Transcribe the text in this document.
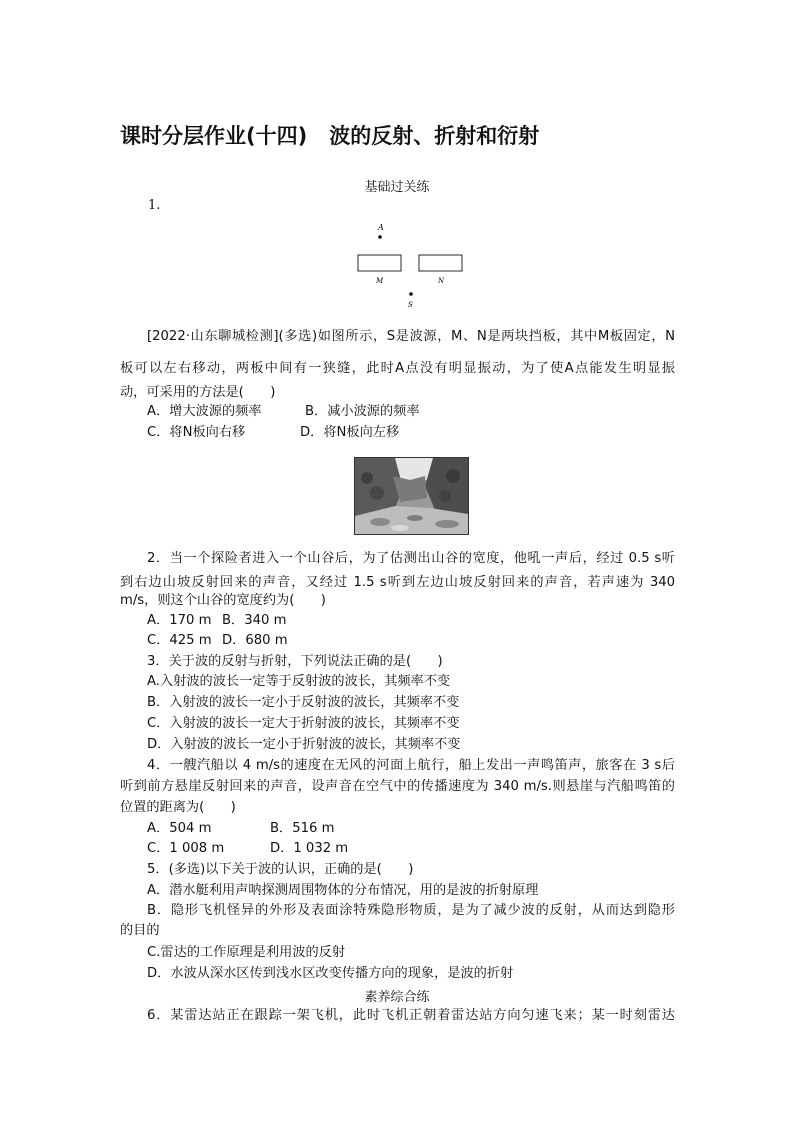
课时分层作业(十四) 波的反射、折射和衍射
基础过关练
1.
A
M	N
S
[2022·山东聊城检测](多选)如图所示，S是波源，M、N是两块挡板，其中M板固定，N
板可以左右移动，两板中间有一狭缝，此时A点没有明显振动，为了使A点能发生明显振
动，可采用的方法是(　　)
A．增大波源的频率	B．减小波源的频率
C．将N板向右移	D．将N板向左移
2．当一个探险者进入一个山谷后，为了估测出山谷的宽度，他吼一声后，经过 0.5 s听
到右边山坡反射回来的声音，又经过 1.5 s听到左边山坡反射回来的声音，若声速为 340
m/s，则这个山谷的宽度约为(　　)
A．170 m B．340 m
C．425 m D．680 m
3．关于波的反射与折射，下列说法正确的是(　　)
A.入射波的波长一定等于反射波的波长，其频率不变
B．入射波的波长一定小于反射波的波长，其频率不变
C．入射波的波长一定大于折射波的波长，其频率不变
D．入射波的波长一定小于折射波的波长，其频率不变
4．一艘汽船以 4 m/s的速度在无风的河面上航行，船上发出一声鸣笛声，旅客在 3 s后
听到前方悬崖反射回来的声音，设声音在空气中的传播速度为 340 m/s.则悬崖与汽船鸣笛的
位置的距离为(　　)
A．504 m	B．516 m
C．1 008 m	D．1 032 m
5．(多选)以下关于波的认识，正确的是(　　)
A．潜水艇利用声呐探测周围物体的分布情况，用的是波的折射原理
B．隐形飞机怪异的外形及表面涂特殊隐形物质，是为了减少波的反射，从而达到隐形
的目的
C.雷达的工作原理是利用波的反射
D．水波从深水区传到浅水区改变传播方向的现象，是波的折射
素养综合练
6．某雷达站正在跟踪一架飞机，此时飞机正朝着雷达站方向匀速飞来；某一时刻雷达
